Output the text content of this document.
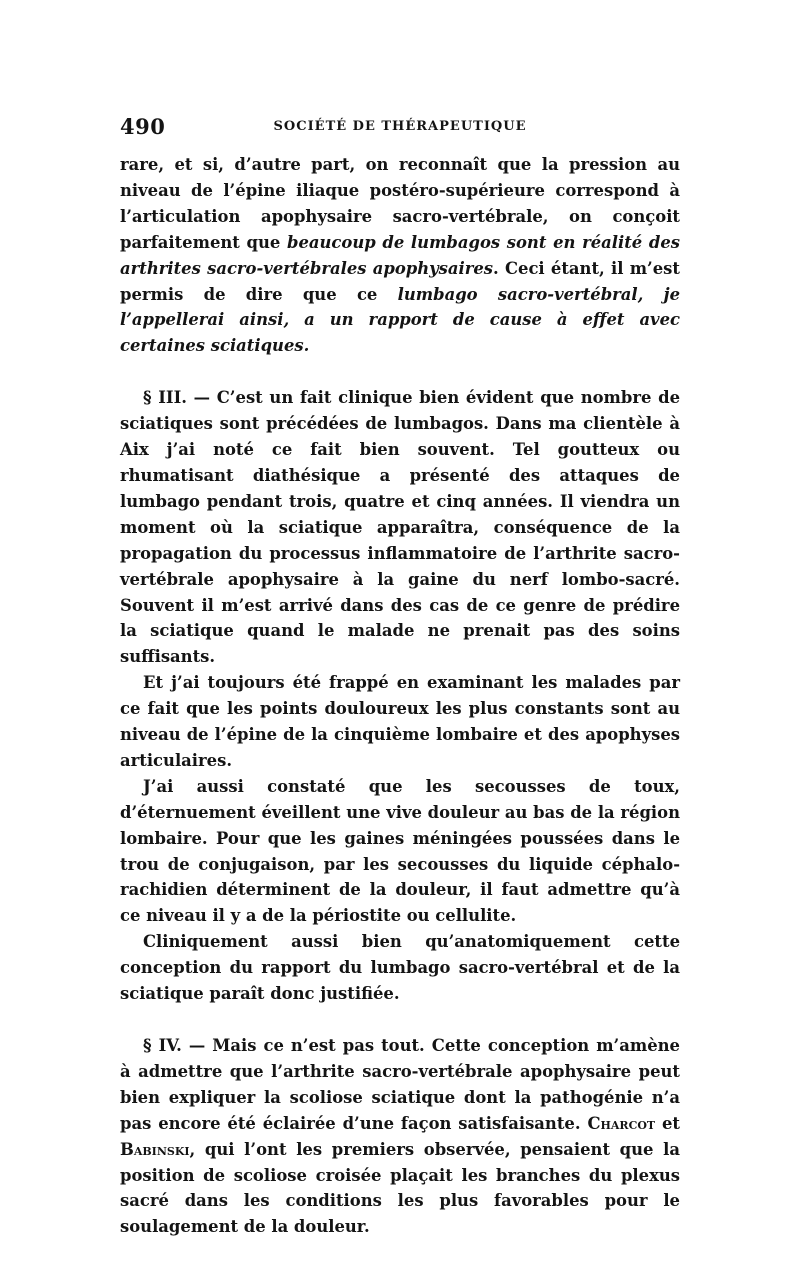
490	SOCIÉTÉ DE THÉRAPEUTIQUE

rare, et si, d’autre part, on reconnaît que la pression au niveau de l’épine iliaque postéro-supérieure correspond à l’articulation apophysaire sacro-vertébrale, on conçoit parfaitement que beaucoup de lumbagos sont en réalité des arthrites sacro-vertébrales apophysaires. Ceci étant, il m’est permis de dire que ce lumbago sacro-vertébral, je l’appellerai ainsi, a un rapport de cause à effet avec certaines sciatiques.

§ III. — C’est un fait clinique bien évident que nombre de sciatiques sont précédées de lumbagos. Dans ma clientèle à Aix j’ai noté ce fait bien souvent. Tel goutteux ou rhumatisant diathésique a présenté des attaques de lumbago pendant trois, quatre et cinq années. Il viendra un moment où la sciatique apparaîtra, conséquence de la propagation du processus inflammatoire de l’arthrite sacro-vertébrale apophysaire à la gaine du nerf lombo-sacré. Souvent il m’est arrivé dans des cas de ce genre de prédire la sciatique quand le malade ne prenait pas des soins suffisants.

Et j’ai toujours été frappé en examinant les malades par ce fait que les points douloureux les plus constants sont au niveau de l’épine de la cinquième lombaire et des apophyses articulaires.

J’ai aussi constaté que les secousses de toux, d’éternuement éveillent une vive douleur au bas de la région lombaire. Pour que les gaines méningées poussées dans le trou de conjugaison, par les secousses du liquide céphalo-rachidien déterminent de la douleur, il faut admettre qu’à ce niveau il y a de la périostite ou cellulite.

Cliniquement aussi bien qu’anatomiquement cette conception du rapport du lumbago sacro-vertébral et de la sciatique paraît donc justifiée.

§ IV. — Mais ce n’est pas tout. Cette conception m’amène à admettre que l’arthrite sacro-vertébrale apophysaire peut bien expliquer la scoliose sciatique dont la pathogénie n’a pas encore été éclairée d’une façon satisfaisante. Charcot et Babinski, qui l’ont les premiers observée, pensaient que la position de scoliose croisée plaçait les branches du plexus sacré dans les conditions les plus favorables pour le soulagement de la douleur.
